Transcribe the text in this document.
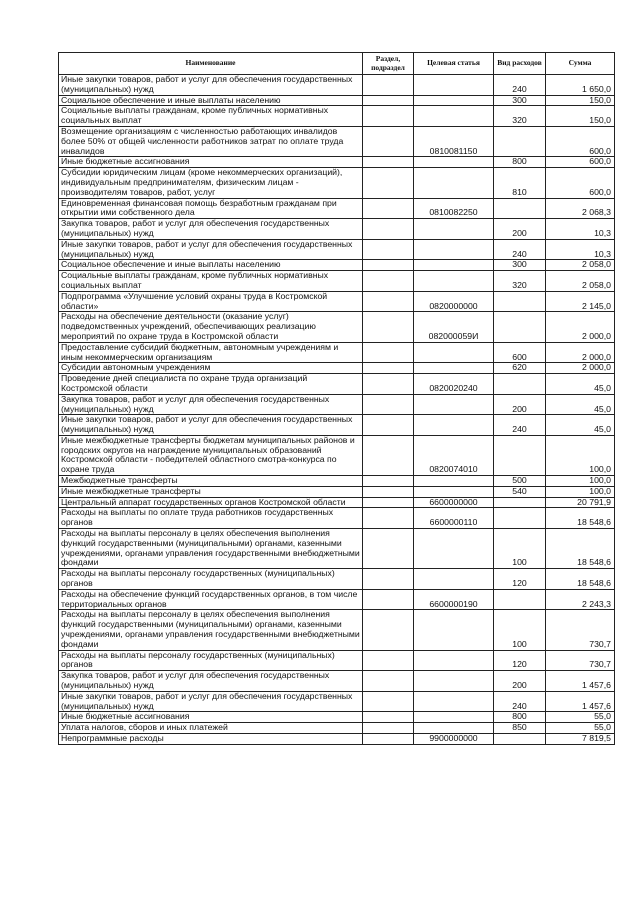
Наименование	Раздел, подраздел	Целевая статья	Вид расходов	Сумма
Иные закупки товаров, работ и услуг для обеспечения государственных (муниципальных) нужд			240	1 650,0
Социальное обеспечение и иные выплаты населению			300	150,0
Социальные выплаты гражданам, кроме публичных нормативных социальных выплат			320	150,0
Возмещение организациям с численностью работающих инвалидов более 50% от общей численности работников затрат по оплате труда инвалидов		0810081150		600,0
Иные бюджетные ассигнования			800	600,0
Субсидии юридическим лицам (кроме некоммерческих организаций), индивидуальным предпринимателям, физическим лицам - производителям товаров, работ, услуг			810	600,0
Единовременная финансовая помощь безработным гражданам при открытии ими собственного дела		0810082250		2 068,3
Закупка товаров, работ и услуг для обеспечения государственных (муниципальных) нужд			200	10,3
Иные закупки товаров, работ и услуг для обеспечения государственных (муниципальных) нужд			240	10,3
Социальное обеспечение и иные выплаты населению			300	2 058,0
Социальные выплаты гражданам, кроме публичных нормативных социальных выплат			320	2 058,0
Подпрограмма «Улучшение условий охраны труда в Костромской области»		0820000000		2 145,0
Расходы на обеспечение деятельности (оказание услуг) подведомственных учреждений, обеспечивающих реализацию мероприятий по охране труда в Костромской области		082000059И		2 000,0
Предоставление субсидий бюджетным, автономным учреждениям и иным некоммерческим организациям			600	2 000,0
Субсидии автономным учреждениям			620	2 000,0
Проведение дней специалиста по охране труда организаций Костромской области		0820020240		45,0
Закупка товаров, работ и услуг для обеспечения государственных (муниципальных) нужд			200	45,0
Иные закупки товаров, работ и услуг для обеспечения государственных (муниципальных) нужд			240	45,0
Иные межбюджетные трансферты бюджетам муниципальных районов и городских округов на награждение муниципальных образований Костромской области - победителей областного смотра-конкурса по охране труда		0820074010		100,0
Межбюджетные трансферты			500	100,0
Иные межбюджетные трансферты			540	100,0
Центральный аппарат государственных органов Костромской области		6600000000		20 791,9
Расходы на выплаты по оплате труда работников государственных органов		6600000110		18 548,6
Расходы на выплаты персоналу в целях обеспечения выполнения функций государственными (муниципальными) органами, казенными учреждениями, органами управления государственными внебюджетными фондами			100	18 548,6
Расходы на выплаты персоналу государственных (муниципальных) органов			120	18 548,6
Расходы на обеспечение функций государственных органов, в том числе территориальных органов		6600000190		2 243,3
Расходы на выплаты персоналу в целях обеспечения выполнения функций государственными (муниципальными) органами, казенными учреждениями, органами управления государственными внебюджетными фондами			100	730,7
Расходы на выплаты персоналу государственных (муниципальных) органов			120	730,7
Закупка товаров, работ и услуг для обеспечения государственных (муниципальных) нужд			200	1 457,6
Иные закупки товаров, работ и услуг для обеспечения государственных (муниципальных) нужд			240	1 457,6
Иные бюджетные ассигнования			800	55,0
Уплата налогов, сборов и иных платежей			850	55,0
Непрограммные расходы		9900000000		7 819,5
